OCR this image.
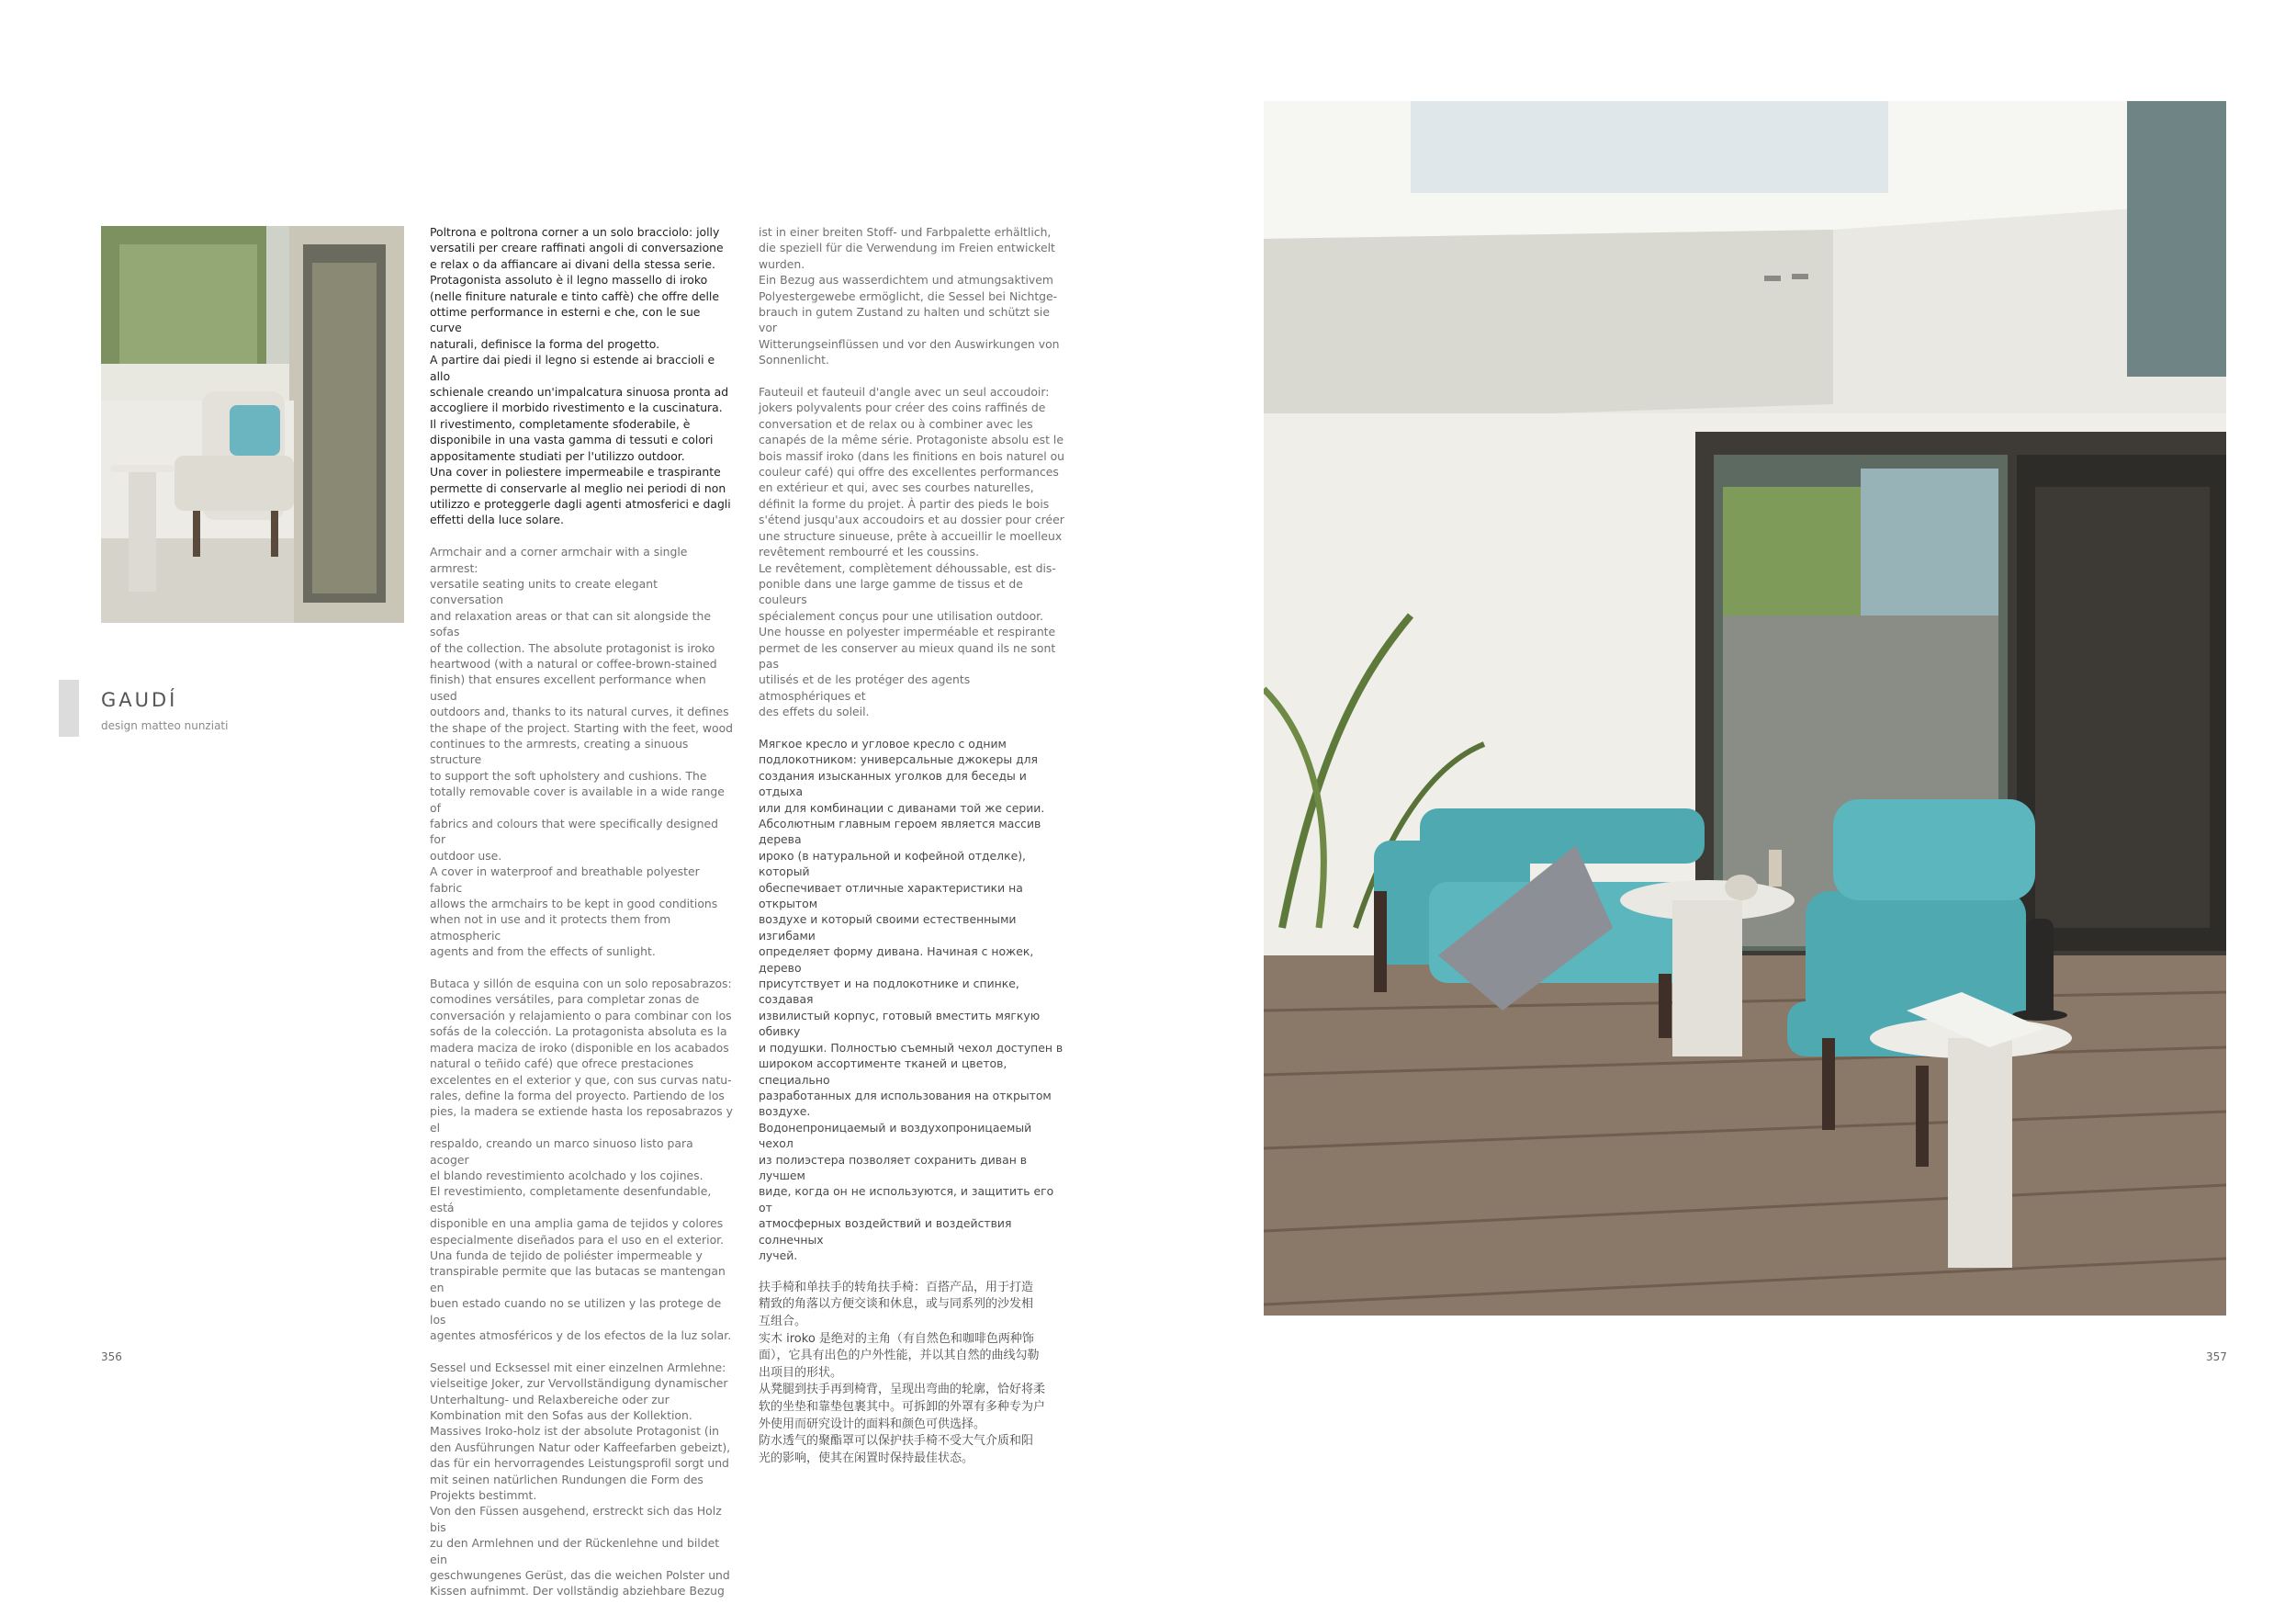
GAUDÍ

design matteo nunziati

Poltrona e poltrona corner a un solo bracciolo: jolly
versatili per creare raffinati angoli di conversazione
e relax o da affiancare ai divani della stessa serie.
Protagonista assoluto è il legno massello di iroko
(nelle finiture naturale e tinto caffè) che offre delle
ottime performance in esterni e che, con le sue curve
naturali, definisce la forma del progetto.
A partire dai piedi il legno si estende ai braccioli e allo
schienale creando un'impalcatura sinuosa pronta ad
accogliere il morbido rivestimento e la cuscinatura.
Il rivestimento, completamente sfoderabile, è
disponibile in una vasta gamma di tessuti e colori
appositamente studiati per l'utilizzo outdoor.
Una cover in poliestere impermeabile e traspirante
permette di conservarle al meglio nei periodi di non
utilizzo e proteggerle dagli agenti atmosferici e dagli
effetti della luce solare.

Armchair and a corner armchair with a single armrest:
versatile seating units to create elegant conversation
and relaxation areas or that can sit alongside the sofas
of the collection. The absolute protagonist is iroko
heartwood (with a natural or coffee-brown-stained
finish) that ensures excellent performance when used
outdoors and, thanks to its natural curves, it defines
the shape of the project. Starting with the feet, wood
continues to the armrests, creating a sinuous structure
to support the soft upholstery and cushions. The
totally removable cover is available in a wide range of
fabrics and colours that were specifically designed for
outdoor use.
A cover in waterproof and breathable polyester fabric
allows the armchairs to be kept in good conditions
when not in use and it protects them from atmospheric
agents and from the effects of sunlight.

Butaca y sillón de esquina con un solo reposabrazos:
comodines versátiles, para completar zonas de
conversación y relajamiento o para combinar con los
sofás de la colección. La protagonista absoluta es la
madera maciza de iroko (disponible en los acabados
natural o teñido café) que ofrece prestaciones
excelentes en el exterior y que, con sus curvas natu-
rales, define la forma del proyecto. Partiendo de los
pies, la madera se extiende hasta los reposabrazos y el
respaldo, creando un marco sinuoso listo para acoger
el blando revestimiento acolchado y los cojines.
El revestimiento, completamente desenfundable, está
disponible en una amplia gama de tejidos y colores
especialmente diseñados para el uso en el exterior.
Una funda de tejido de poliéster impermeable y
transpirable permite que las butacas se mantengan en
buen estado cuando no se utilizen y las protege de los
agentes atmosféricos y de los efectos de la luz solar.

Sessel und Ecksessel mit einer einzelnen Armlehne:
vielseitige Joker, zur Vervollständigung dynamischer
Unterhaltung- und Relaxbereiche oder zur
Kombination mit den Sofas aus der Kollektion.
Massives Iroko-holz ist der absolute Protagonist (in
den Ausführungen Natur oder Kaffeefarben gebeizt),
das für ein hervorragendes Leistungsprofil sorgt und
mit seinen natürlichen Rundungen die Form des
Projekts bestimmt.
Von den Füssen ausgehend, erstreckt sich das Holz bis
zu den Armlehnen und der Rückenlehne und bildet ein
geschwungenes Gerüst, das die weichen Polster und
Kissen aufnimmt. Der vollständig abziehbare Bezug

ist in einer breiten Stoff- und Farbpalette erhältlich,
die speziell für die Verwendung im Freien entwickelt
wurden.
Ein Bezug aus wasserdichtem und atmungsaktivem
Polyestergewebe ermöglicht, die Sessel bei Nichtge-
brauch in gutem Zustand zu halten und schützt sie vor
Witterungseinflüssen und vor den Auswirkungen von
Sonnenlicht.

Fauteuil et fauteuil d'angle avec un seul accoudoir:
jokers polyvalents pour créer des coins raffinés de
conversation et de relax ou à combiner avec les
canapés de la même série. Protagoniste absolu est le
bois massif iroko (dans les finitions en bois naturel ou
couleur café) qui offre des excellentes performances
en extérieur et qui, avec ses courbes naturelles,
définit la forme du projet. À partir des pieds le bois
s'étend jusqu'aux accoudoirs et au dossier pour créer
une structure sinueuse, prête à accueillir le moelleux
revêtement rembourré et les coussins.
Le revêtement, complètement déhoussable, est dis-
ponible dans une large gamme de tissus et de couleurs
spécialement conçus pour une utilisation outdoor.
Une housse en polyester imperméable et respirante
permet de les conserver au mieux quand ils ne sont pas
utilisés et de les protéger des agents atmosphériques et
des effets du soleil.

Мягкое кресло и угловое кресло с одним
подлокотником: универсальные джокеры для
создания изысканных уголков для беседы и отдыха
или для комбинации с диванами той же серии.
Абсолютным главным героем является массив дерева
ироко (в натуральной и кофейной отделке), который
обеспечивает отличные характеристики на открытом
воздухе и который своими естественными изгибами
определяет форму дивана. Начиная с ножек, дерево
присутствует и на подлокотнике и спинке, создавая
извилистый корпус, готовый вместить мягкую обивку
и подушки. Полностью съемный чехол доступен в
широком ассортименте тканей и цветов, специально
разработанных для использования на открытом
воздухе.
Водонепроницаемый и воздухопроницаемый чехол
из полиэстера позволяет сохранить диван в лучшем
виде, когда он не используются, и защитить его от
атмосферных воздействий и воздействия солнечных
лучей.

扶手椅和单扶手的转角扶手椅：百搭产品，用于打造
精致的角落以方便交谈和休息，或与同系列的沙发相
互组合。
实木 iroko 是绝对的主角（有自然色和咖啡色两种饰
面），它具有出色的户外性能，并以其自然的曲线勾勒
出项目的形状。
从凳腿到扶手再到椅背，呈现出弯曲的轮廓，恰好将柔
软的坐垫和靠垫包裹其中。可拆卸的外罩有多种专为户
外使用而研究设计的面料和颜色可供选择。
防水透气的聚酯罩可以保护扶手椅不受大气介质和阳
光的影响，使其在闲置时保持最佳状态。

356	357
